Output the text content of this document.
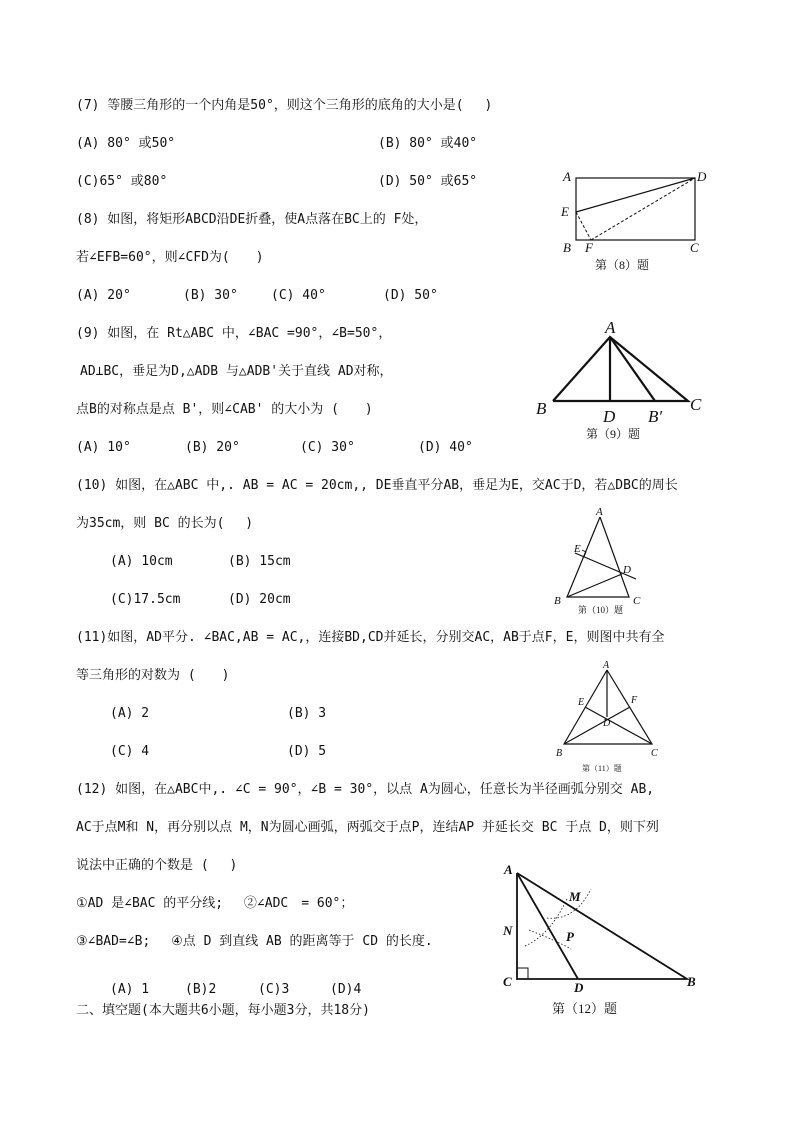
(7) 等腰三角形的一个内角是50°，则这个三角形的底角的大小是(　 )
(A) 80° 或50°	(B) 80° 或40°
(C)65° 或80°	(D) 50° 或65°
(8) 如图，将矩形ABCD沿DE折叠，使A点落在BC上的 F处，
若∠EFB=60°，则∠CFD为(　　)
(A) 20°	(B) 30°	(C) 40°	(D) 50°
A	D
E
B F	C
第（8）题
(9) 如图，在 Rt△ABC 中，∠BAC =90°，∠B=50°，
AD⊥BC，垂足为D,△ADB 与△ADB'关于直线 AD对称，
点B的对称点是点 B'，则∠CAB' 的大小为 (　　)
(A) 10°	(B) 20°	(C) 30°	(D) 40°
A
B	D B′
C
第（9）题
(10) 如图，在△ABC 中,. AB = AC = 20cm,, DE垂直平分AB，垂足为E，交AC于D，若△DBC的周长
为35cm，则 BC 的长为(　 )
(A) 10cm	(B) 15cm
(C)17.5cm	(D) 20cm
A
E
D
B	C
第（10）题
(11)如图，AD平分. ∠BAC,AB = AC,，连接BD,CD并延长，分别交AC，AB于点F，E，则图中共有全
等三角形的对数为 (　　)
(A) 2	(B) 3
(C) 4	(D) 5
A
E	F
D
B	C
第（11）题
(12) 如图，在△ABC中,. ∠C = 90°，∠B = 30°，以点 A为圆心，任意长为半径画弧分别交 AB,
AC于点M和 N，再分别以点 M，N为圆心画弧，两弧交于点P，连结AP 并延长交 BC 于点 D，则下列
说法中正确的个数是 (　 )
①AD 是∠BAC 的平分线;　 ②∠ADC　= 60°；
③∠BAD=∠B;　 ④点 D 到直线 AB 的距离等于 CD 的长度.
(A) 1	(B)2	(C)3	(D)4
A
M
N	P
C	D	B
第（12）题
二、填空题(本大题共6小题，每小题3分，共18分)
